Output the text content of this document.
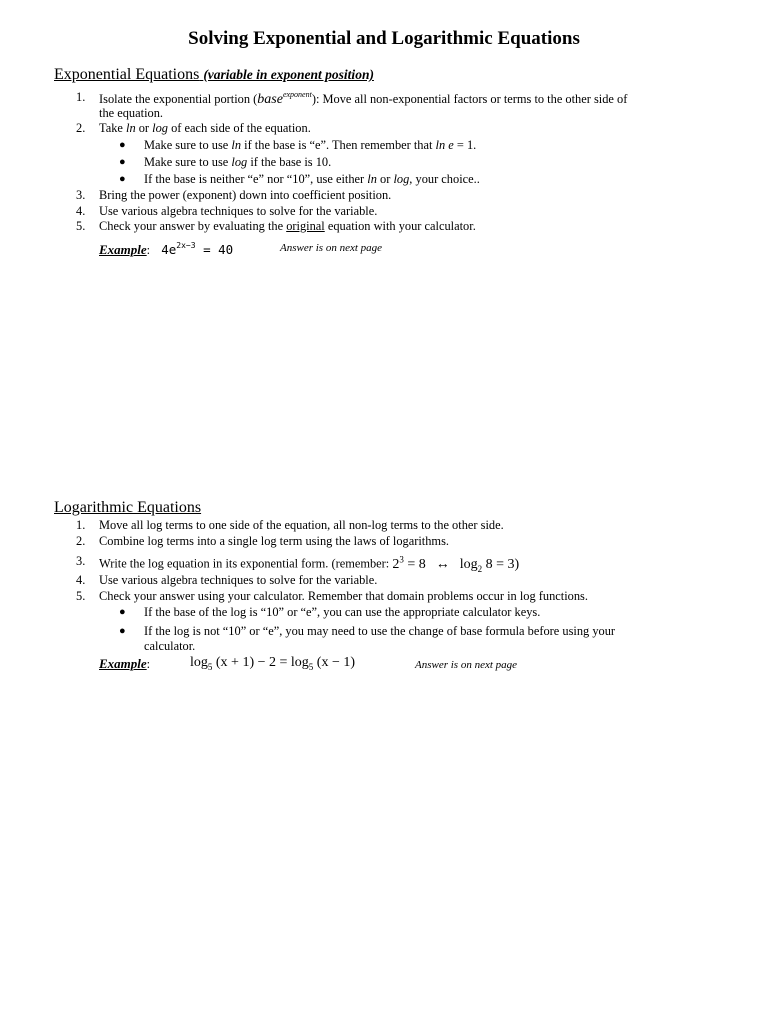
Solving Exponential and Logarithmic Equations
Exponential Equations (variable in exponent position)
1. Isolate the exponential portion (base$^{exponent}$): Move all non-exponential factors or terms to the other side of
the equation.
2. Take ln or log of each side of the equation.
● Make sure to use ln if the base is “e”. Then remember that ln e = 1.
● Make sure to use log if the base is 10.
● If the base is neither “e” nor “10”, use either ln or log, your choice..
3. Bring the power (exponent) down into coefficient position.
4. Use various algebra techniques to solve for the variable.
5. Check your answer by evaluating the original equation with your calculator.
Example: $4e^{2x-3} = 40$	Answer is on next page
Logarithmic Equations
1. Move all log terms to one side of the equation, all non-log terms to the other side.
2. Combine log terms into a single log term using the laws of logarithms.
3. Write the log equation in its exponential form. (remember: $2^3 = 8$ ↔ $\log_2 8 = 3$)
4. Use various algebra techniques to solve for the variable.
5. Check your answer using your calculator. Remember that domain problems occur in log functions.
● If the base of the log is “10” or “e”, you can use the appropriate calculator keys.
● If the log is not “10” or “e”, you may need to use the change of base formula before using your
calculator.
Example:	$\log_5 (x + 1) - 2 = \log_5 (x - 1)$	Answer is on next page
